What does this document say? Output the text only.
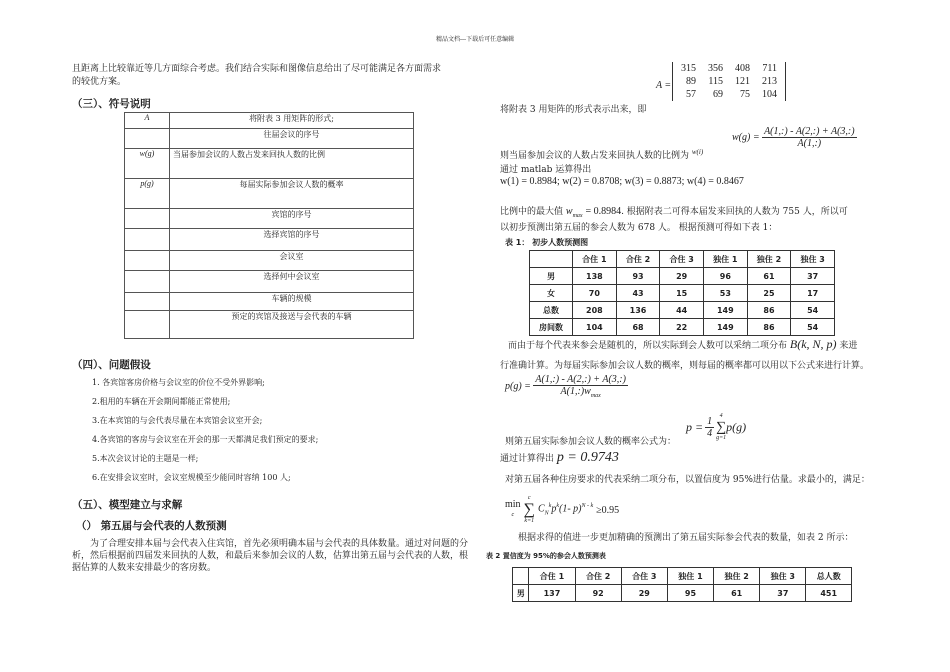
精品文档---下载后可任意编辑
且距离上比较靠近等几方面综合考虑。我们结合实际和图像信息给出了尽可能满足各方面需求
的较优方案。
（三）、符号说明
A	将附表 3 用矩阵的形式;
	往届会议的序号
w(g)	当届参加会议的人数占发来回执人数的比例
p(g)	每届实际参加会议人数的概率
	宾馆的序号
	选择宾馆的序号
	会议室
	选择何中会议室
	车辆的规模
	预定的宾馆及接送与会代表的车辆
（四）、问题假设
1. 各宾馆客房价格与会议室的价位不受外界影响;
2.租用的车辆在开会期间都能正常使用;
3.在本宾馆的与会代表尽量在本宾馆会议室开会;
4.各宾馆的客房与会议室在开会的那一天都满足我们预定的要求;
5.本次会议讨论的主题是一样;
6.在安排会议室时，会议室规模至少能同时容纳 100 人;
（五）、模型建立与求解
（） 第五届与会代表的人数预测
为了合理安排本届与会代表入住宾馆，首先必须明确本届与会代表的具体数量。通过对问题的分析，然后根据前四届发来回执的人数，和最后来参加会议的人数，估算出第五届与会代表的人数，根据估算的人数来安排最少的客房数。
A =
315	356	408	711
89	115	121	213
57	69	75	104
将附表 3 用矩阵的形式表示出来，即
则当届参加会议的人数占发来回执人数的比例为 $^{w(i)}$
$w(g) = \frac{A(1,:) - A(2,:) + A(3,:)}{A(1,:)}$
通过 matlab 运算得出
w(1) = 0.8984; w(2) = 0.8708; w(3) = 0.8873; w(4) = 0.8467
比例中的最大值 $w_{max} = 0.8984$. 根据附表二可得本届发来回执的人数为 755 人，所以可
以初步预测出第五届的参会人数为 678 人。 根据预测可得如下表 1：
表 1： 初步人数预测图
	合住 1	合住 2	合住 3	独住 1	独住 2	独住 3
男	138	93	29	96	61	37
女	70	43	15	53	25	17
总数	208	136	44	149	86	54
房间数	104	68	22	149	86	54
而由于每个代表来参会是随机的，所以实际到会人数可以采纳二项分布 B(k, N, p) 来进
行准确计算。为每届实际参加会议人数的概率，则每届的概率都可以用以下公式来进行计算。
$p(g) = \frac{A(1,:) - A(2,:) + A(3,:)}{A(1,:)w_{max}}$
$p = \frac{1}{4} 4$
∑
g=1
p(g)
则第五届实际参加会议人数的概率公式为：
通过计算得出 p = 0.9743
对第五届各种住房要求的代表采纳二项分布，以置信度为 95%进行估量。求最小的，满足：
min
c
c
∑
k=1
$C_N^kp^k(1-$ p)$^{N - k}$ ≥0.95
根据求得的值进一步更加精确的预测出了第五届实际参会代表的数量，如表 2 所示：
表 2 置信度为 95%的参会人数预测表
	合住 1	合住 2	合住 3	独住 1	独住 2	独住 3	总人数
男	137	92	29	95	61	37	451
